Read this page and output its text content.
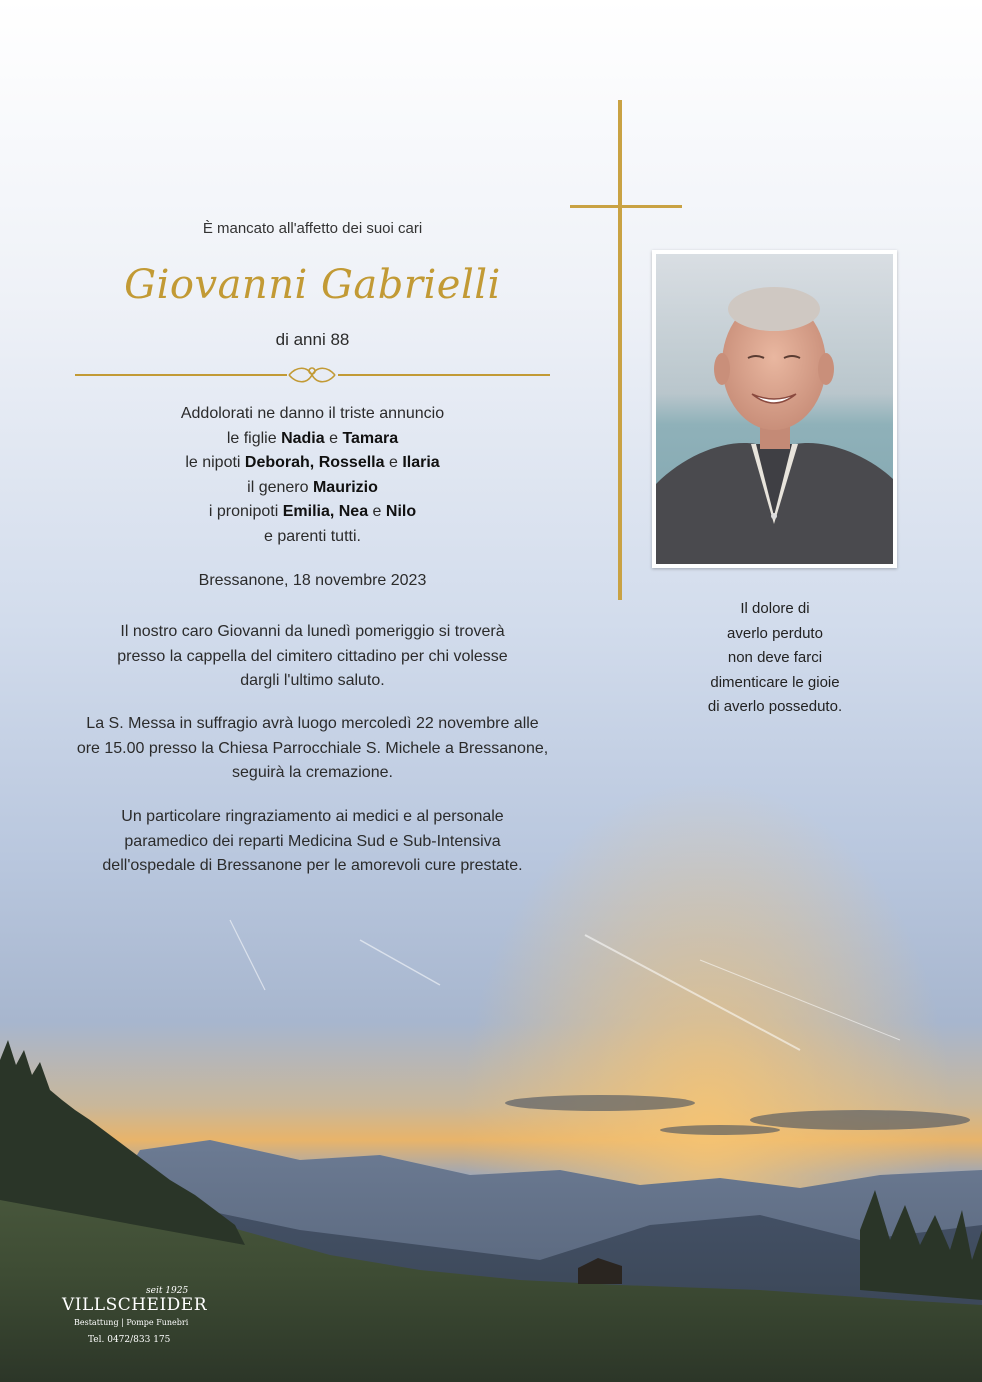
È mancato all'affetto dei suoi cari
Giovanni Gabrielli
di anni 88
Addolorati ne danno il triste annuncio
le figlie Nadia e Tamara
le nipoti Deborah, Rossella e Ilaria
il genero Maurizio
i pronipoti Emilia, Nea e Nilo
e parenti tutti.
Bressanone, 18 novembre 2023
Il nostro caro Giovanni da lunedì pomeriggio si troverà
presso la cappella del cimitero cittadino per chi volesse
dargli l'ultimo saluto.
La S. Messa in suffragio avrà luogo mercoledì 22 novembre alle
ore 15.00 presso la Chiesa Parrocchiale S. Michele a Bressanone,
seguirà la cremazione.
Un particolare ringraziamento ai medici e al personale
paramedico dei reparti Medicina Sud e Sub-Intensiva
dell'ospedale di Bressanone per le amorevoli cure prestate.
Il dolore di
averlo perduto
non deve farci
dimenticare le gioie
di averlo posseduto.
seit 1925
VILLSCHEIDER
Bestattung | Pompe Funebri
Tel. 0472/833 175
